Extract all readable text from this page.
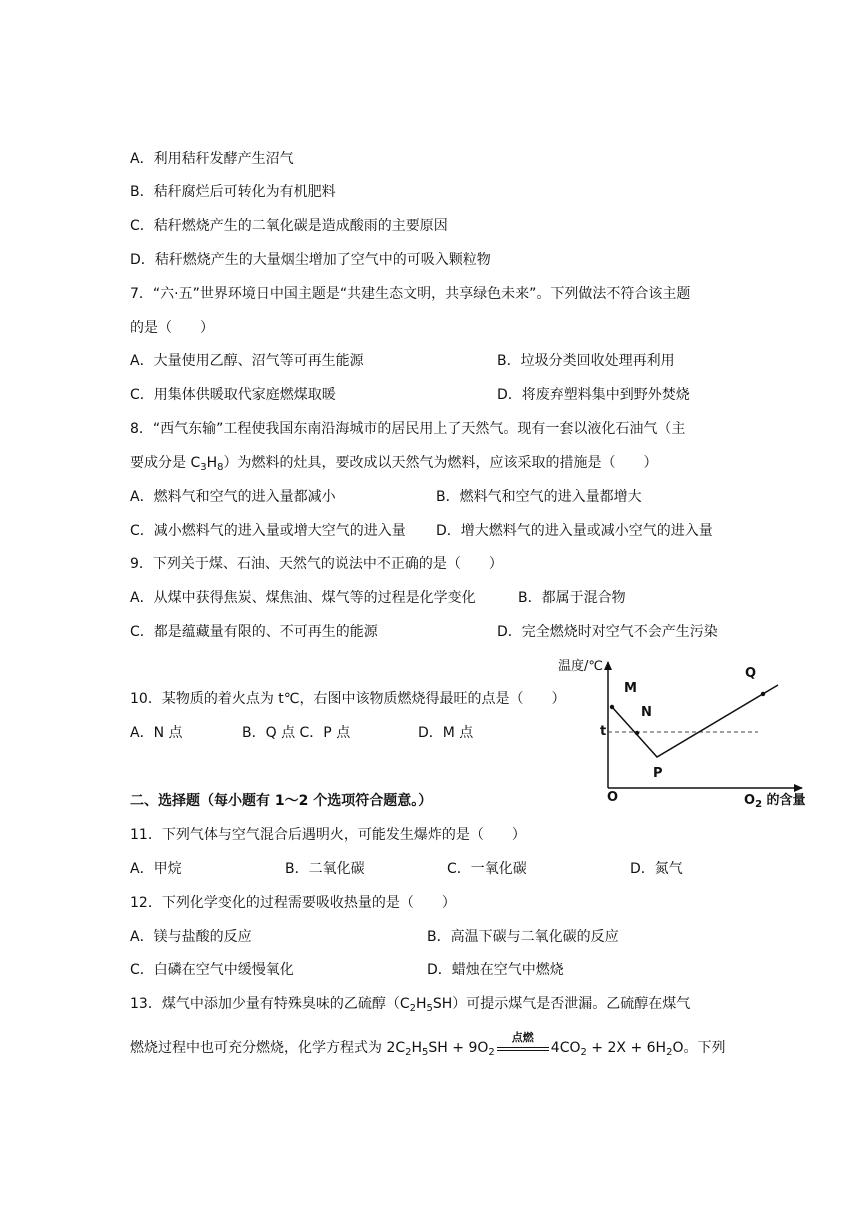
A．利用秸秆发酵产生沼气
B．秸秆腐烂后可转化为有机肥料
C．秸秆燃烧产生的二氧化碳是造成酸雨的主要原因
D．秸秆燃烧产生的大量烟尘增加了空气中的可吸入颗粒物
7．“六·五”世界环境日中国主题是“共建生态文明，共享绿色未来”。下列做法不符合该主题
的是（　　）
A．大量使用乙醇、沼气等可再生能源	B．垃圾分类回收处理再利用
C．用集体供暖取代家庭燃煤取暖	D．将废弃塑料集中到野外焚烧
8．“西气东输”工程使我国东南沿海城市的居民用上了天然气。现有一套以液化石油气（主
要成分是 $C_3H_8$）为燃料的灶具，要改成以天然气为燃料，应该采取的措施是（　　）
A．燃料气和空气的进入量都减小	B．燃料气和空气的进入量都增大
C．减小燃料气的进入量或增大空气的进入量 D．增大燃料气的进入量或减小空气的进入量
9．下列关于煤、石油、天然气的说法中不正确的是（　　）
A．从煤中获得焦炭、煤焦油、煤气等的过程是化学变化	B．都属于混合物
C．都是蕴藏量有限的、不可再生的能源	D．完全燃烧时对空气不会产生污染
10．某物质的着火点为 t℃，右图中该物质燃烧得最旺的点是（　　）
A．N 点	B．Q 点 C．P 点	D．M 点
温度/℃
M
N
Q
P
t
O	$O_2$ 的含量
二、选择题（每小题有 1～2 个选项符合题意。）
11．下列气体与空气混合后遇明火，可能发生爆炸的是（　　）
A．甲烷	B．二氧化碳	C．一氧化碳	D．氮气
12．下列化学变化的过程需要吸收热量的是（　　）
A．镁与盐酸的反应	B．高温下碳与二氧化碳的反应
C．白磷在空气中缓慢氧化	D．蜡烛在空气中燃烧
13．煤气中添加少量有特殊臭味的乙硫醇$(C_2H_5SH)$可提示煤气是否泄漏。乙硫醇在煤气
燃烧过程中也可充分燃烧，化学方程式为 $2C_2H_5SH + 9O_2$
点燃
$4CO_2 + 2X + 6H_2O$。下列
